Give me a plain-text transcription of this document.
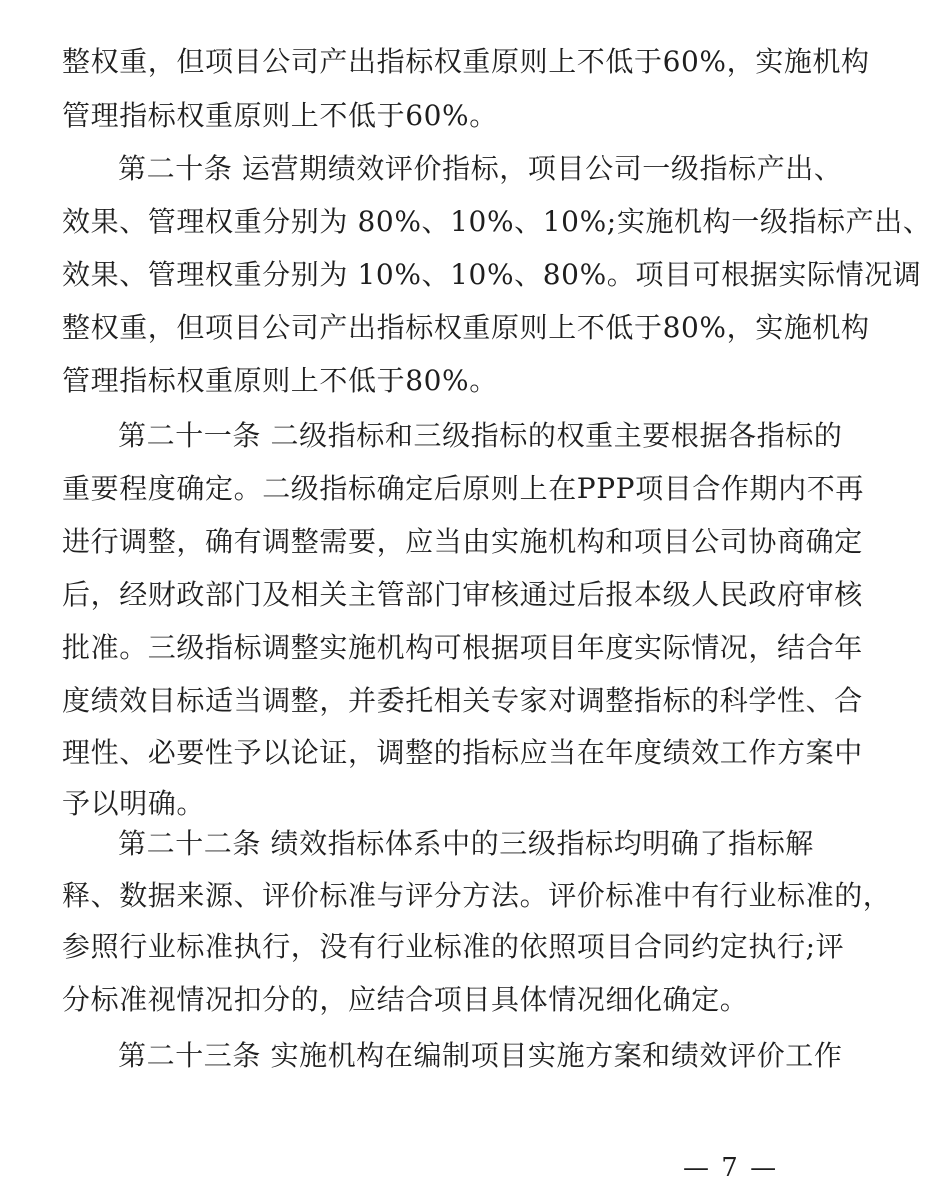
整权重，但项目公司产出指标权重原则上不低于60%，实施机构
管理指标权重原则上不低于60%。
第二十条 运营期绩效评价指标，项目公司一级指标产出、
效果、管理权重分别为 80%、10%、10%;实施机构一级指标产出、
效果、管理权重分别为 10%、10%、80%。项目可根据实际情况调
整权重，但项目公司产出指标权重原则上不低于80%，实施机构
管理指标权重原则上不低于80%。
第二十一条 二级指标和三级指标的权重主要根据各指标的
重要程度确定。二级指标确定后原则上在PPP项目合作期内不再
进行调整，确有调整需要，应当由实施机构和项目公司协商确定
后，经财政部门及相关主管部门审核通过后报本级人民政府审核
批准。三级指标调整实施机构可根据项目年度实际情况，结合年
度绩效目标适当调整，并委托相关专家对调整指标的科学性、合
理性、必要性予以论证，调整的指标应当在年度绩效工作方案中
予以明确。
第二十二条 绩效指标体系中的三级指标均明确了指标解
释、数据来源、评价标准与评分方法。评价标准中有行业标准的，
参照行业标准执行，没有行业标准的依照项目合同约定执行;评
分标准视情况扣分的，应结合项目具体情况细化确定。
第二十三条 实施机构在编制项目实施方案和绩效评价工作
— 7 —
